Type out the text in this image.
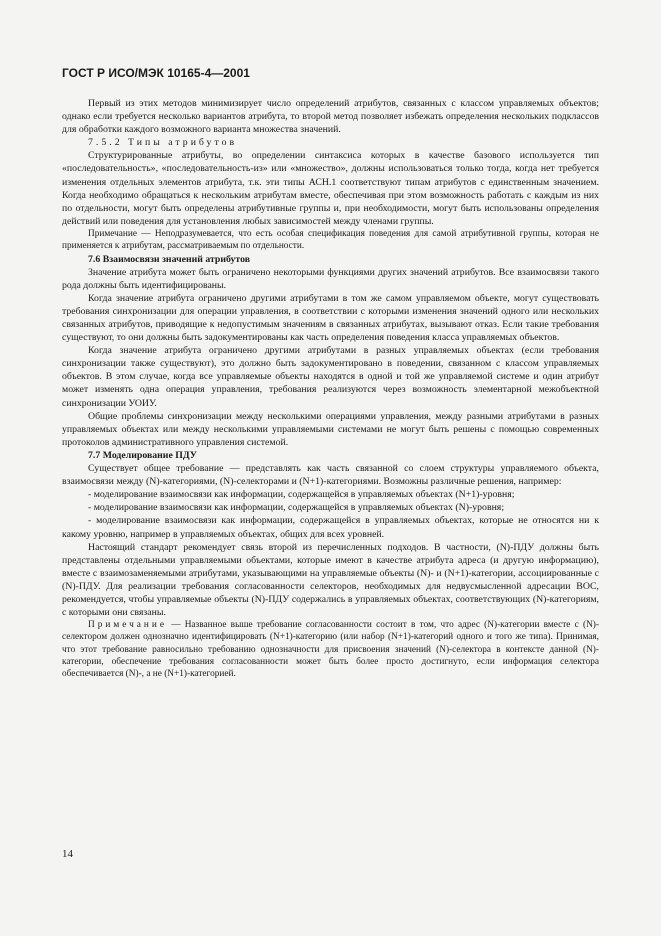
ГОСТ Р ИСО/МЭК 10165-4—2001

Первый из этих методов минимизирует число определений атрибутов, связанных с классом управляемых объектов; однако если требуется несколько вариантов атрибута, то второй метод позволяет избежать определения нескольких подклассов для обработки каждого возможного варианта множества значений.

7.5.2 Типы атрибутов

Структурированные атрибуты, во определении синтаксиса которых в качестве базового используется тип «последовательность», «последовательность-из» или «множество», должны использоваться только тогда, когда нет требуется изменения отдельных элементов атрибута, т.к. эти типы АСН.1 соответствуют типам атрибутов с единственным значением. Когда необходимо обращаться к нескольким атрибутам вместе, обеспечивая при этом возможность работать с каждым из них по отдельности, могут быть определены атрибутивные группы и, при необходимости, могут быть использованы определения действий или поведения для установления любых зависимостей между членами группы.

Примечание — Неподразумевается, что есть особая спецификация поведения для самой атрибутивной группы, которая не применяется к атрибутам, рассматриваемым по отдельности.

7.6 Взаимосвязи значений атрибутов

Значение атрибута может быть ограничено некоторыми функциями других значений атрибутов. Все взаимосвязи такого рода должны быть идентифицированы.

Когда значение атрибута ограничено другими атрибутами в том же самом управляемом объекте, могут существовать требования синхронизации для операции управления, в соответствии с которыми изменения значений одного или нескольких связанных атрибутов, приводящие к недопустимым значениям в связанных атрибутах, вызывают отказ. Если такие требования существуют, то они должны быть задокументированы как часть определения поведения класса управляемых объектов.

Когда значение атрибута ограничено другими атрибутами в разных управляемых объектах (если требования синхронизации также существуют), это должно быть задокументировано в поведении, связанном с классом управляемых объектов. В этом случае, когда все управляемые объекты находятся в одной и той же управляемой системе и один атрибут может изменять одна операция управления, требования реализуются через возможность элементарной межобъектной синхронизации УОИУ.

Общие проблемы синхронизации между несколькими операциями управления, между разными атрибутами в разных управляемых объектах или между несколькими управляемыми системами не могут быть решены с помощью современных протоколов административного управления системой.

7.7 Моделирование ПДУ

Существует общее требование — представлять как часть связанной со слоем структуры управляемого объекта, взаимосвязи между (N)-категориями, (N)-селекторами и (N+1)-категориями. Возможны различные решения, например:

- моделирование взаимосвязи как информации, содержащейся в управляемых объектах (N+1)-уровня;

- моделирование взаимосвязи как информации, содержащейся в управляемых объектах (N)-уровня;

- моделирование взаимосвязи как информации, содержащейся в управляемых объектах, которые не относятся ни к какому уровню, например в управляемых объектах, общих для всех уровней.

Настоящий стандарт рекомендует связь второй из перечисленных подходов. В частности, (N)-ПДУ должны быть представлены отдельными управляемыми объектами, которые имеют в качестве атрибута адреса (и другую информацию), вместе с взаимозаменяемыми атрибутами, указывающими на управляемые объекты (N)- и (N+1)-категории, ассоциированные с (N)-ПДУ. Для реализации требования согласованности селекторов, необходимых для недвусмысленной адресации ВОС, рекомендуется, чтобы управляемые объекты (N)-ПДУ содержались в управляемых объектах, соответствующих (N)-категориям, с которыми они связаны.

Примечание — Названное выше требование согласованности состоит в том, что адрес (N)-категории вместе с (N)-селектором должен однозначно идентифицировать (N+1)-категорию (или набор (N+1)-категорий одного и того же типа). Принимая, что этот требование равносильно требованию однозначности для присвоения значений (N)-селектора в контексте данной (N)-категории, обеспечение требования согласованности может быть более просто достигнуто, если информация селектора обеспечивается (N)-, а не (N+1)-категорией.

14
